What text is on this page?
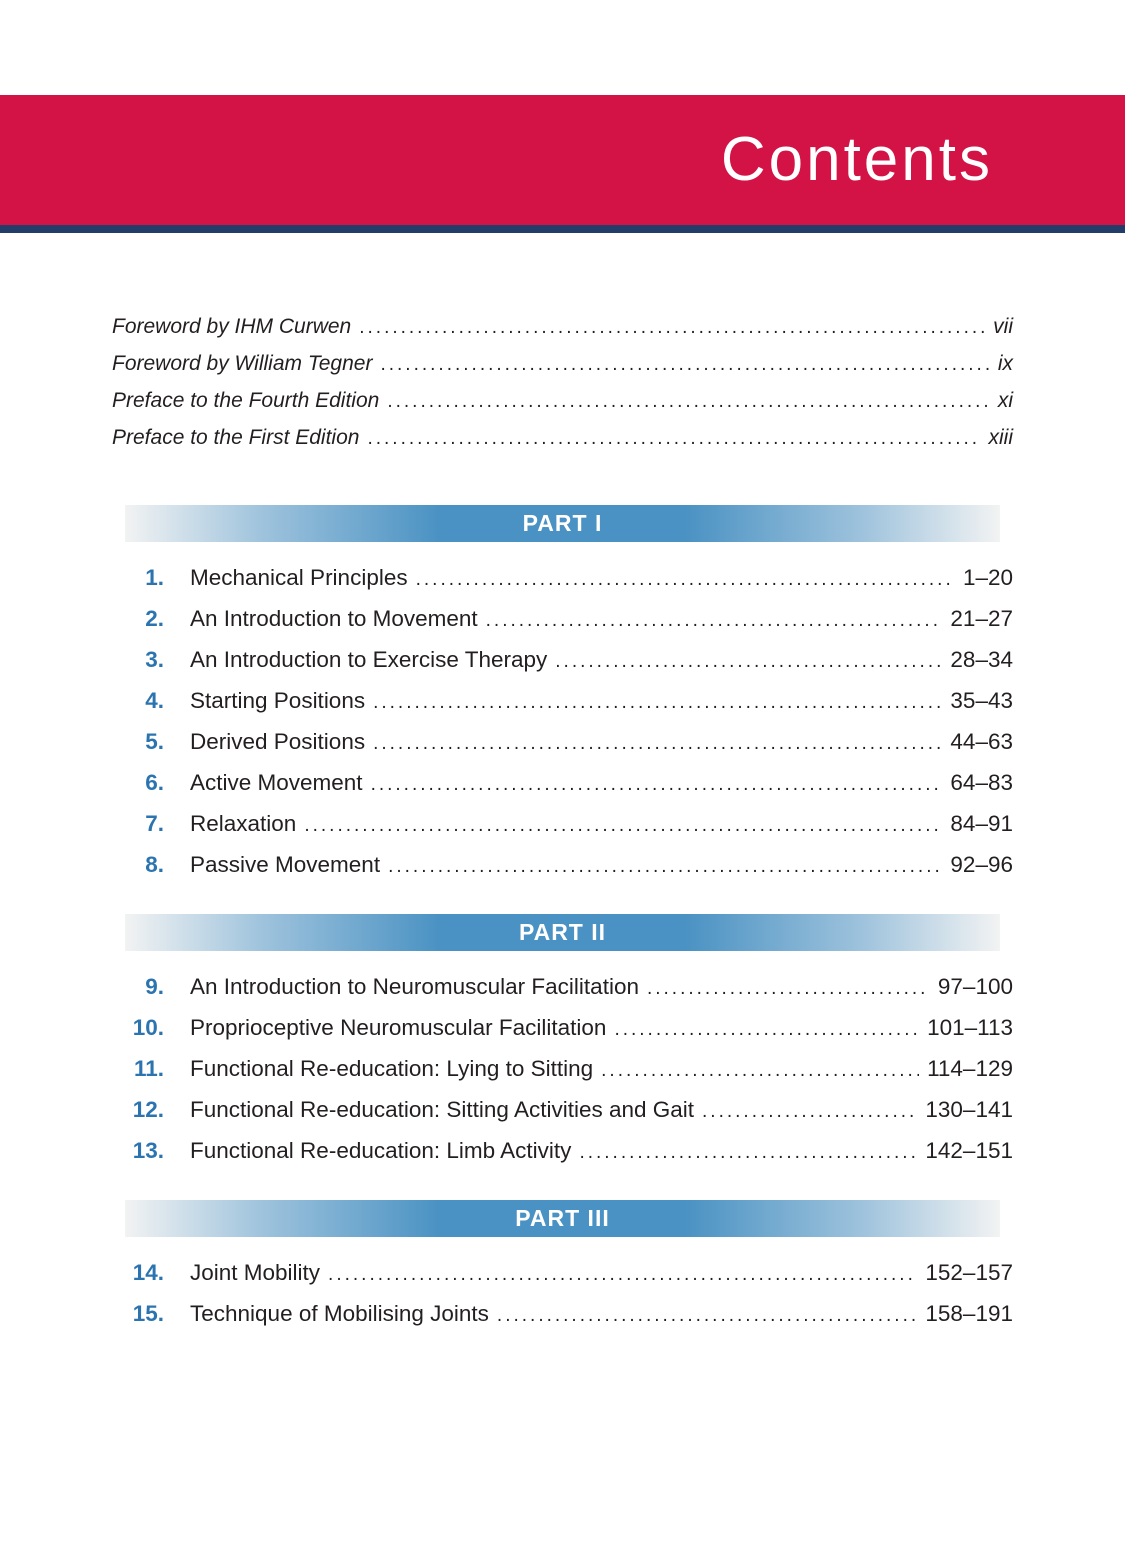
Contents
Foreword by IHM Curwen .....	vii
Foreword by William Tegner .....	ix
Preface to the Fourth Edition .....	xi
Preface to the First Edition .....	xiii
PART I
1. Mechanical Principles .....	1–20
2. An Introduction to Movement .....	21–27
3. An Introduction to Exercise Therapy .....	28–34
4. Starting Positions .....	35–43
5. Derived Positions .....	44–63
6. Active Movement .....	64–83
7. Relaxation .....	84–91
8. Passive Movement .....	92–96
PART II
9. An Introduction to Neuromuscular Facilitation .....	97–100
10. Proprioceptive Neuromuscular Facilitation .....	101–113
11. Functional Re-education: Lying to Sitting .....	114–129
12. Functional Re-education: Sitting Activities and Gait .....	130–141
13. Functional Re-education: Limb Activity .....	142–151
PART III
14. Joint Mobility .....	152–157
15. Technique of Mobilising Joints .....	158–191
